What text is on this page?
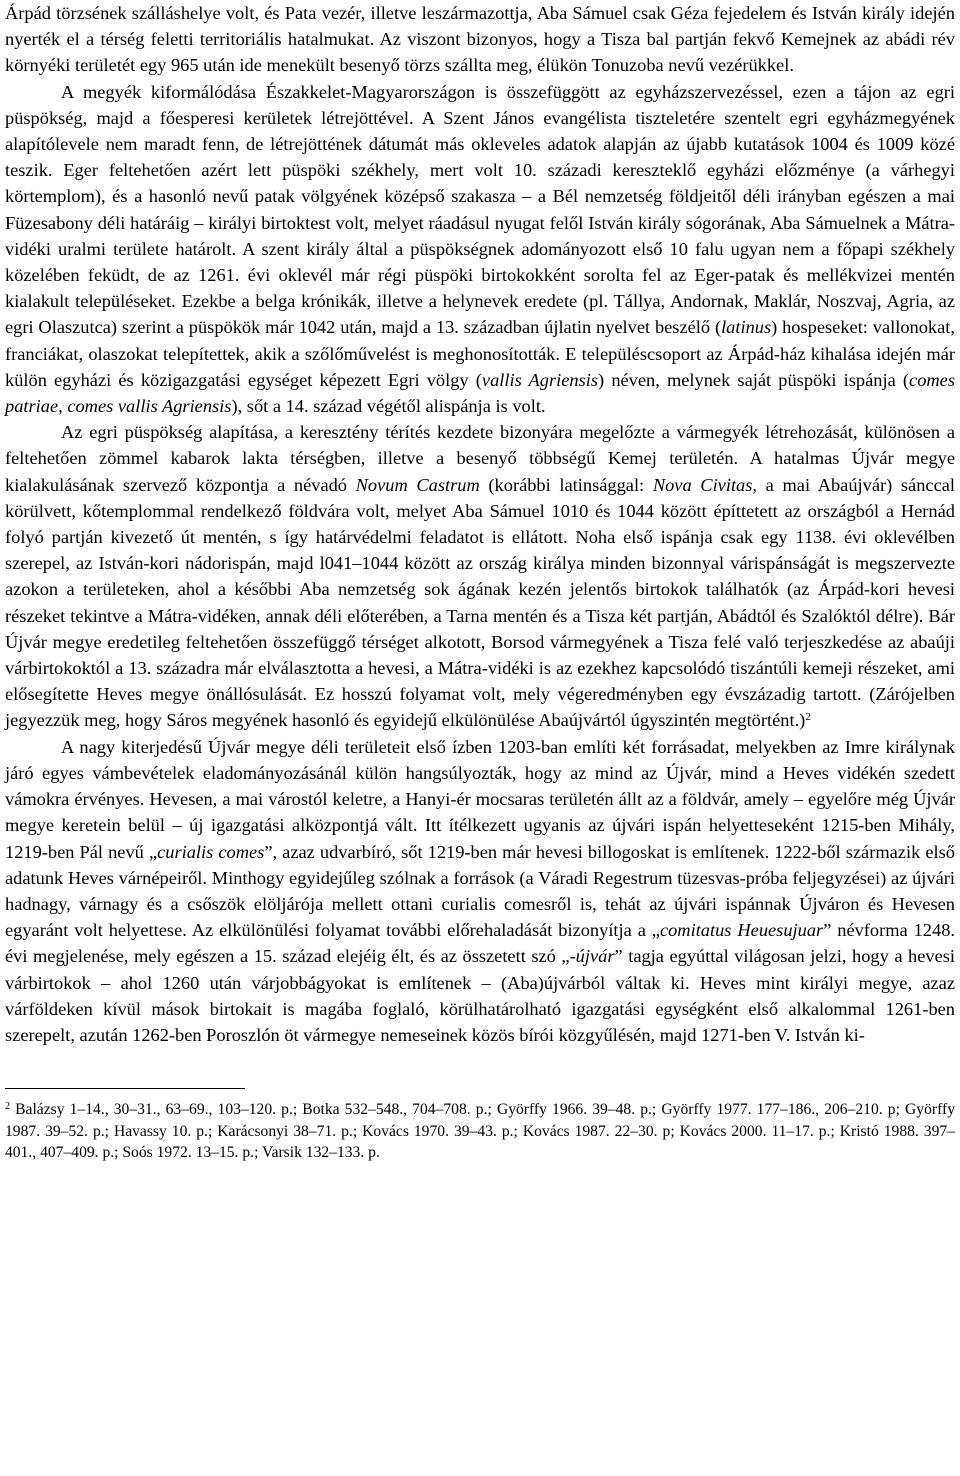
Árpád törzsének szálláshelye volt, és Pata vezér, illetve leszármazottja, Aba Sámuel csak Géza fejedelem és István király idején nyerték el a térség feletti territoriális hatalmukat. Az viszont bizonyos, hogy a Tisza bal partján fekvő Kemejnek az abádi rév környéki területét egy 965 után ide menekült besenyő törzs szállta meg, élükön Tonuzoba nevű vezérükkel.

A megyék kiformálódása Északkelet-Magyarországon is összefüggött az egyházszervezéssel, ezen a tájon az egri püspökség, majd a főesperesi kerületek létrejöttével. A Szent János evangélista tiszteletére szentelt egri egyházmegyének alapítólevele nem maradt fenn, de létrejöttének dátumát más okleveles adatok alapján az újabb kutatások 1004 és 1009 közé teszik. Eger feltehetően azért lett püspöki székhely, mert volt 10. századi kereszteklő egyházi előzménye (a várhegyi körtemplom), és a hasonló nevű patak völgyének középső szakasza – a Bél nemzetség földjeitől déli irányban egészen a mai Füzesabony déli határáig – királyi birtoktest volt, melyet ráadásul nyugat felől István király sógorának, Aba Sámuelnek a Mátra-vidéki uralmi területe határolt. A szent király által a püspökségnek adományozott első 10 falu ugyan nem a főpapi székhely közelében feküdt, de az 1261. évi oklevél már régi püspöki birtokokként sorolta fel az Eger-patak és mellékvizei mentén kialakult településeket. Ezekbe a belga krónikák, illetve a helynevek eredete (pl. Tállya, Andornak, Maklár, Noszvaj, Agria, az egri Olaszutca) szerint a püspökök már 1042 után, majd a 13. században újlatin nyelvet beszélő (latinus) hospeseket: vallonokat, franciákat, olaszokat telepítettek, akik a szőlőművelést is meghonosították. E településcsoport az Árpád-ház kihalása idején már külön egyházi és közigazgatási egységet képezett Egri völgy (vallis Agriensis) néven, melynek saját püspöki ispánja (comes patriae, comes vallis Agriensis), sőt a 14. század végétől alispánja is volt.

Az egri püspökség alapítása, a keresztény térítés kezdete bizonyára megelőzte a vármegyék létrehozását, különösen a feltehetően zömmel kabarok lakta térségben, illetve a besenyő többségű Kemej területén. A hatalmas Újvár megye kialakulásának szervező központja a névadó Novum Castrum (korábbi latinsággal: Nova Civitas, a mai Abaújvár) sánccal körülvett, kőtemplommal rendelkező földvára volt, melyet Aba Sámuel 1010 és 1044 között építtetett az országból a Hernád folyó partján kivezető út mentén, s így határvédelmi feladatot is ellátott. Noha első ispánja csak egy 1138. évi oklevélben szerepel, az István-kori nádorispán, majd l041–1044 között az ország királya minden bizonnyal várispánságát is megszervezte azokon a területeken, ahol a későbbi Aba nemzetség sok ágának kezén jelentős birtokok találhatók (az Árpád-kori hevesi részeket tekintve a Mátra-vidéken, annak déli előterében, a Tarna mentén és a Tisza két partján, Abádtól és Szalóktól délre). Bár Újvár megye eredetileg feltehetően összefüggő térséget alkotott, Borsod vármegyének a Tisza felé való terjeszkedése az abaúji várbirtokoktól a 13. századra már elválasztotta a hevesi, a Mátra-vidéki is az ezekhez kapcsolódó tiszántúli kemeji részeket, ami elősegítette Heves megye önállósulását. Ez hosszú folyamat volt, mely végeredményben egy évszázadig tartott. (Zárójelben jegyezzük meg, hogy Sáros megyének hasonló és egyidejű elkülönülése Abaújvártól úgyszintén megtörtént.)$^2$

A nagy kiterjedésű Újvár megye déli területeit első ízben 1203-ban említi két forrásadat, melyekben az Imre királynak járó egyes vámbevételek eladományozásánál külön hangsúlyozták, hogy az mind az Újvár, mind a Heves vidékén szedett vámokra érvényes. Hevesen, a mai várostól keletre, a Hanyi-ér mocsaras területén állt az a földvár, amely – egyelőre még Újvár megye keretein belül – új igazgatási alközpontjá vált. Itt ítélkezett ugyanis az újvári ispán helyetteseként 1215-ben Mihály, 1219-ben Pál nevű „curialis comes”, azaz udvarbíró, sőt 1219-ben már hevesi billogoskat is említenek. 1222-ből származik első adatunk Heves várnépeiről. Minthogy egyidejűleg szólnak a források (a Váradi Regestrum tüzesvas-próba feljegyzései) az újvári hadnagy, várnagy és a csőszök elöljárója mellett ottani curialis comesről is, tehát az újvári ispánnak Újváron és Hevesen egyaránt volt helyettese. Az elkülönülési folyamat további előrehaladását bizonyítja a „comitatus Heuesujuar” névforma 1248. évi megjelenése, mely egészen a 15. század elejéig élt, és az összetett szó „-újvár” tagja egyúttal világosan jelzi, hogy a hevesi várbirtokok – ahol 1260 után várjobbágyokat is említenek – (Aba)újvárból váltak ki. Heves mint királyi megye, azaz várföldeken kívül mások birtokait is magába foglaló, körülhatárolható igazgatási egységként első alkalommal 1261-ben szerepelt, azután 1262-ben Poroszlón öt vármegye nemeseinek közös bírói közgyűlésén, majd 1271-ben V. István ki-

$^2$ Balázsy 1–14., 30–31., 63–69., 103–120. p.; Botka 532–548., 704–708. p.; Györffy 1966. 39–48. p.; Györffy 1977. 177–186., 206–210. p; Györffy 1987. 39–52. p.; Havassy 10. p.; Karácsonyi 38–71. p.; Kovács 1970. 39–43. p.; Kovács 1987. 22–30. p; Kovács 2000. 11–17. p.; Kristó 1988. 397–401., 407–409. p.; Soós 1972. 13–15. p.; Varsik 132–133. p.
